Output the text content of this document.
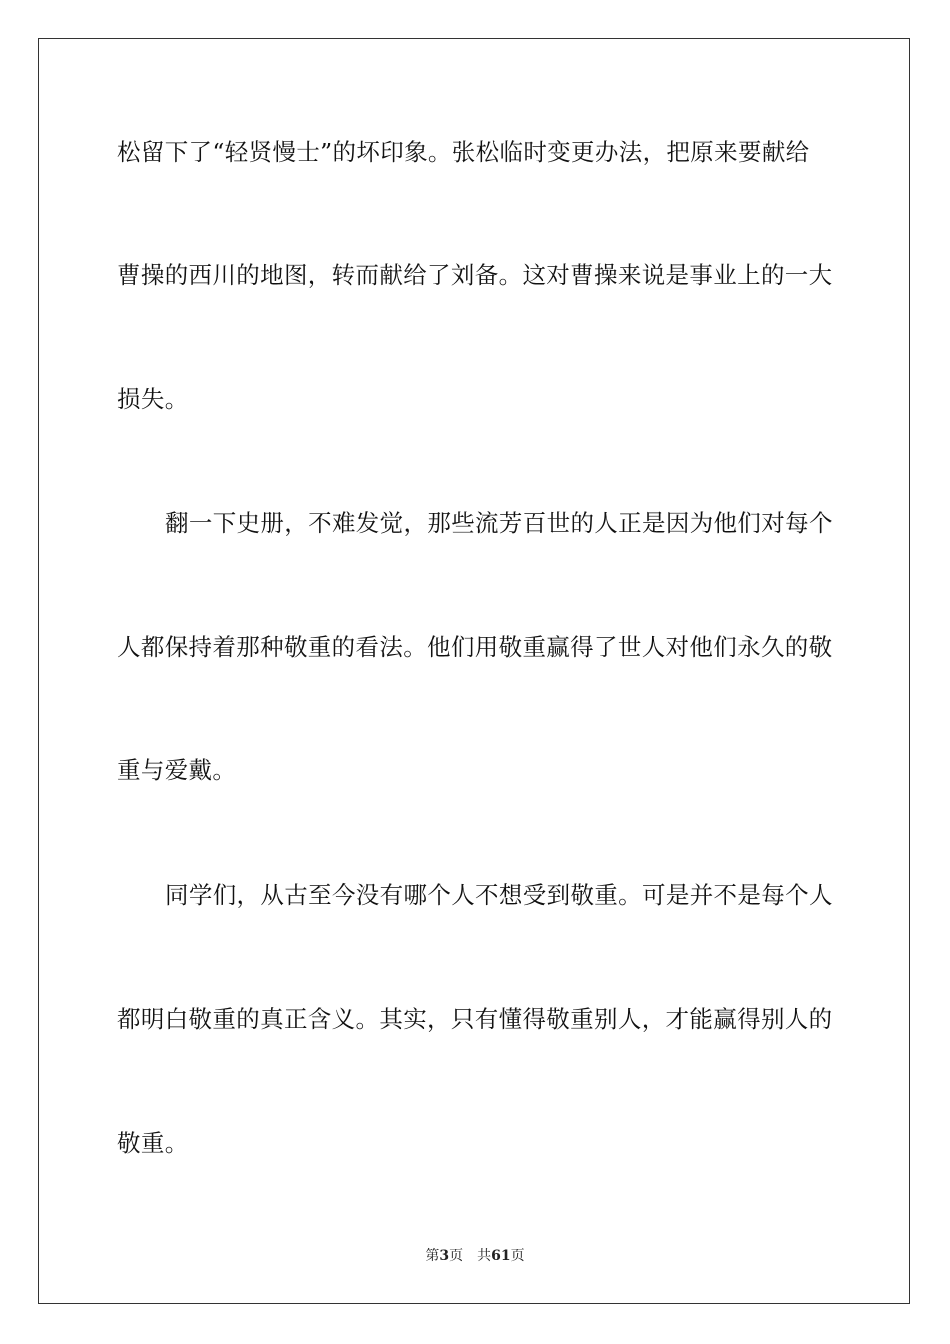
松留下了“轻贤慢士”的坏印象。张松临时变更办法，把原来要献给
曹操的西川的地图，转而献给了刘备。这对曹操来说是事业上的一大
损失。
翻一下史册，不难发觉，那些流芳百世的人正是因为他们对每个
人都保持着那种敬重的看法。他们用敬重赢得了世人对他们永久的敬
重与爱戴。
同学们，从古至今没有哪个人不想受到敬重。可是并不是每个人
都明白敬重的真正含义。其实，只有懂得敬重别人，才能赢得别人的
敬重。
第3页 共61页
